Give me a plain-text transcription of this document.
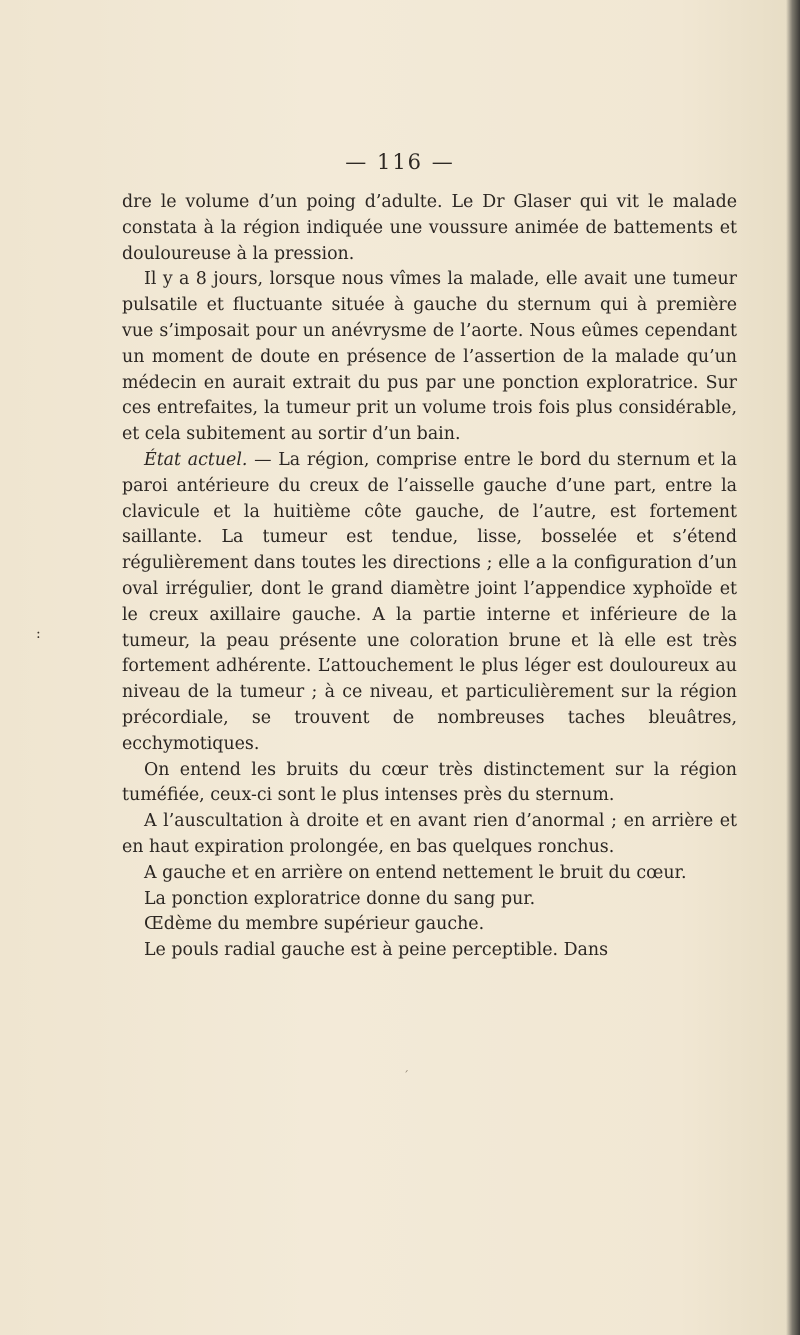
— 116 —
:

dre le volume d’un poing d’adulte. Le Dr Glaser qui vit le malade constata à la région indiquée une voussure animée de battements et douloureuse à la pression.

Il y a 8 jours, lorsque nous vîmes la malade, elle avait une tumeur pulsatile et fluctuante située à gauche du sternum qui à première vue s’imposait pour un anévrysme de l’aorte. Nous eûmes cependant un moment de doute en présence de l’assertion de la malade qu’un médecin en aurait extrait du pus par une ponction exploratrice. Sur ces entrefaites, la tumeur prit un volume trois fois plus considérable, et cela subitement au sortir d’un bain.

État actuel. — La région, comprise entre le bord du sternum et la paroi antérieure du creux de l’aisselle gauche d’une part, entre la clavicule et la huitième côte gauche, de l’autre, est fortement saillante. La tumeur est tendue, lisse, bosselée et s’étend régulièrement dans toutes les directions ; elle a la configuration d’un oval irrégulier, dont le grand diamètre joint l’appendice xyphoïde et le creux axillaire gauche. A la partie interne et inférieure de la tumeur, la peau présente une coloration brune et là elle est très fortement adhérente. L’attouchement le plus léger est douloureux au niveau de la tumeur ; à ce niveau, et particulièrement sur la région précordiale, se trouvent de nombreuses taches bleuâtres, ecchymotiques.

On entend les bruits du cœur très distinctement sur la région tuméfiée, ceux-ci sont le plus intenses près du sternum.

A l’auscultation à droite et en avant rien d’anormal ; en arrière et en haut expiration prolongée, en bas quelques ronchus.

A gauche et en arrière on entend nettement le bruit du cœur.

La ponction exploratrice donne du sang pur.

Œdème du membre supérieur gauche.

Le pouls radial gauche est à peine perceptible. Dans

´
